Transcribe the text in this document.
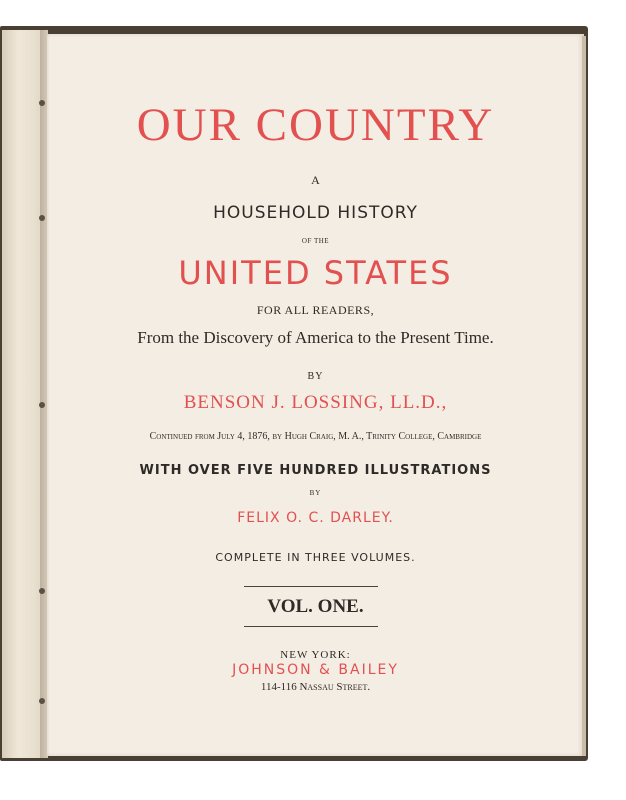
OUR COUNTRY

A

HOUSEHOLD HISTORY

OF THE

UNITED STATES

FOR ALL READERS,

From the Discovery of America to the Present Time.

BY

BENSON J. LOSSING, LL.D.,

Continued from July 4, 1876, by Hugh Craig, M. A., Trinity College, Cambridge

WITH OVER FIVE HUNDRED ILLUSTRATIONS

BY

FELIX O. C. DARLEY.

COMPLETE IN THREE VOLUMES.

VOL. ONE.

NEW YORK:

JOHNSON & BAILEY

114-116 Nassau Street.
